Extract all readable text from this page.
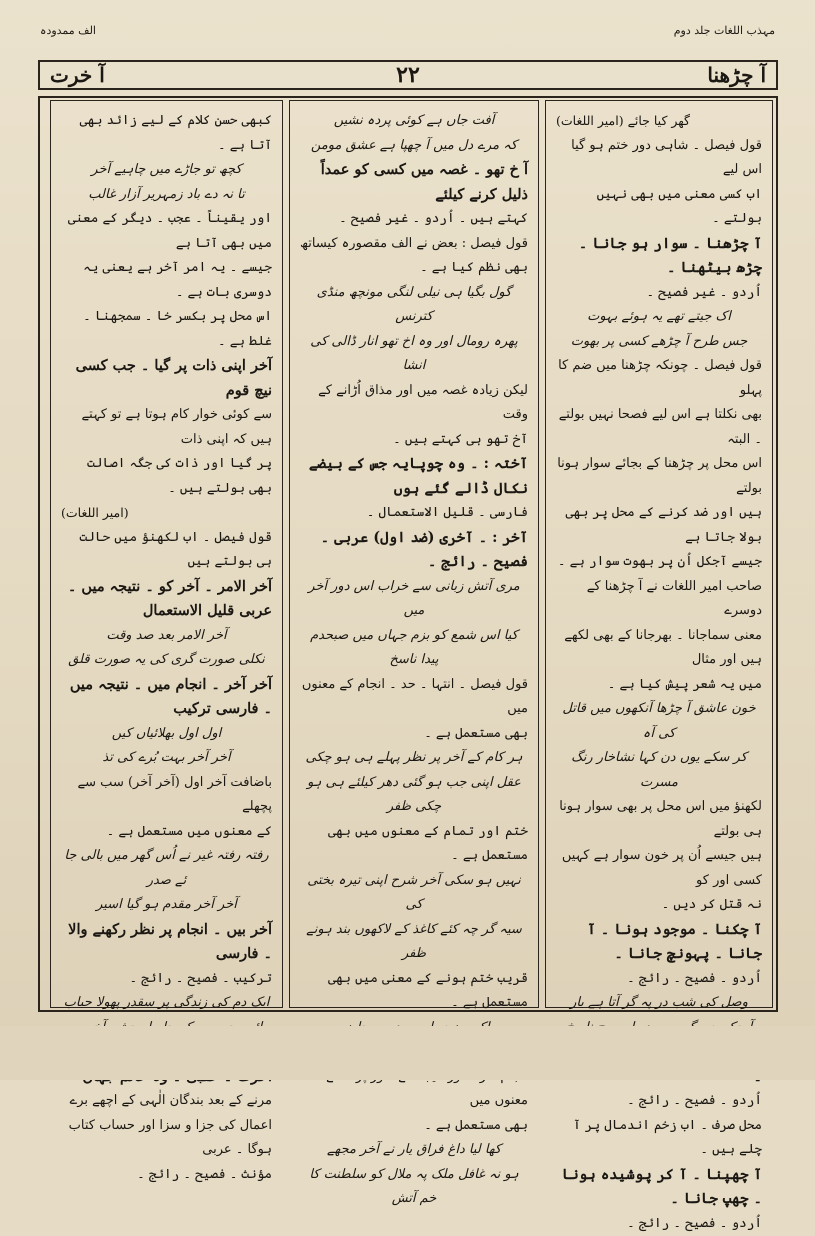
مہذب اللغات جلد دوم
الف ممدودہ
آ چڑھنا
۲۲
آ خرت

گھر کیا جائے (امیر اللغات)

قول فیصل ۔ شاہی دور ختم ہو گیا اس لیے

اب کسی معنی میں بھی نہیں بولتے ۔

آ چڑھنا ۔ سوار ہو جانا ۔ چڑھ بیٹھنا ۔

اُردو ۔ غیر فصیح ۔

اک جیتے تھے یہ ہوئے بہوت

جس طرح آ چڑھے کسی پر بھوت

قول فیصل ۔ چونکہ چڑھنا میں ضم کا پہلو

بھی نکلتا ہے اس لیے فصحا نہیں بولتے ۔ البتہ

اس محل پر چڑھنا کے بجائے سوار ہونا بولتے

ہیں اور ضد کرنے کے محل پر بھی بولا جاتا ہے

جیسے آجکل اُن پر بھوت سوار ہے ۔

صاحب امیر اللغات نے آ چڑھنا کے دوسرے

معنی سماجانا ۔ بھرجانا کے بھی لکھے ہیں اور مثال

میں یہ شعر پیش کیا ہے ۔

خون عاشق آ چڑھا آنکھوں میں قاتل کی آہ

کر سکے یوں دن کہا نشاخار رنگ مسرت

لکھنؤ میں اس محل پر بھی سوار ہونا ہی بولتے

ہیں جیسے اُن پر خون سوار ہے کہیں کسی اور کو

نہ قتل کر دیں ۔

آ چکنا ۔ موجود ہونا ۔ آ جانا ۔ پہونچ جانا ۔

اُردو ۔ فصیح ۔ رائج ۔

وصل کی شب در پہ گر آتا ہے یار

اُردو ۔ فصیح ۔ رائج ۔

محل صرف ۔ اب زخم اندمال پر آ چلے ہیں ۔

آ چھپنا ۔ آ کر پوشیدہ ہونا ۔ چھپ جانا ۔

اُردو ۔ فصیح ۔ رائج ۔

آفت جاں ہے کوئی پردہ نشیں

کہ مرے دل میں آ چھپا ہے عشق مومن

آ خ تھو ۔ غصہ میں کسی کو عمداً ذلیل کرنے کیلئے

کہتے ہیں ۔ اُردو ۔ غیر فصیح ۔

قول فیصل : بعض نے الف مقصورہ کیساتھ

بھی نظم کیا ہے ۔

گول بگیا ہی نیلی لنگی مونچھ منڈی کترنس

پھرہ رومال اور وہ اخ تھو انار ڈالی کی انشا

لیکن زیادہ غصہ میں اور مذاق اُڑانے کے وقت

آخ تھو ہی کہتے ہیں ۔

آختہ : ۔ وہ چوپایہ جس کے بیضے نکال ڈالے گئے ہوں

فارسی ۔ قلیل الاستعمال ۔

آخر : ۔ آخری (ضد اول) عربی ۔ فصیح ۔ رائج ۔

مری آتش زبانی سے خراب اس دور آخر میں

کیا اس شمع کو بزم جہاں میں صبحدم پیدا ناسخ

قول فیصل ۔ انتہا ۔ حد ۔ انجام کے معنوں میں

بھی مستعمل ہے ۔

ہر کام کے آخر پر نظر پہلے ہی ہو چکی

عقل اپنی جب ہو گئی دھر کیلئے ہی ہو چکی ظفر

ختم اور تمام کے معنوں میں بھی مستعمل ہے ۔

نہیں ہو سکی آخر شرح اپنی تیرہ بختی کی

سیہ گر چہ کئے کاغذ کے لاکھوں بند ہونے ظفر

قریب ختم ہونے کے معنی میں بھی مستعمل ہے ۔

معنوں میں

بھی مستعمل ہے ۔

کھا لیا داغ فراق یار نے آخر مجھے

ہو نہ غافل ملک پہ ملال کو سلطنت کا خم آتش

کبھی حسن کلام کے لیے زائد بھی آتا ہے ۔

کچھ تو جاڑے میں چاہیے آخر

تا نہ دے باد زمہریر آزار غالب

اور یقیناً ۔ عجب ۔ دیگر کے معنی میں بھی آتا ہے

جیسے ۔ یہ امر آخر ہے یعنی یہ دوسری بات ہے ۔

اس محل پر بکسر خا ۔ سمجھنا ۔ غلط ہے ۔

آخر اپنی ذات پر گیا ۔ جب کسی نیچ قوم

سے کوئی خوار کام ہوتا ہے تو کہتے ہیں کہ اپنی ذات

پر گیا اور ذات کی جگہ اصالت بھی بولتے ہیں ۔

(امیر اللغات)

قول فیصل ۔ اب لکھنؤ میں حالت ہی بولتے ہیں

آخر الامر ۔ آخر کو ۔ نتیجہ میں ۔ عربی قلیل الاستعمال

آخر الامر بعد صد وقت

نکلی صورت گری کی یہ صورت قلق

آخر آخر ۔ انجام میں ۔ نتیجہ میں ۔ فارسی ترکیب

اول اول بھلائیاں کیں

آخر آخر بہت بُرے کی تذ

باضافت آخر اول (آخر آخر) سب سے پچھلے

کے معنوں میں مستعمل ہے ۔

رفتہ رفتہ غیر نے اُس گھر میں بالی جا ئے صدر

آخر آخر مقدم ہو گیا اسیر

آخر بیں ۔ انجام پر نظر رکھنے والا ۔ فارسی

ترکیب ۔ فصیح ۔ رائج ۔

ایک دم کی زندگی پر سقدر پھولا حباب

مرنے کے بعد بندگان الٰہی کے اچھے برے

اعمال کی جزا و سزا اور حساب کتاب ہوگا ۔ عربی

مؤنث ۔ فصیح ۔ رائج ۔
